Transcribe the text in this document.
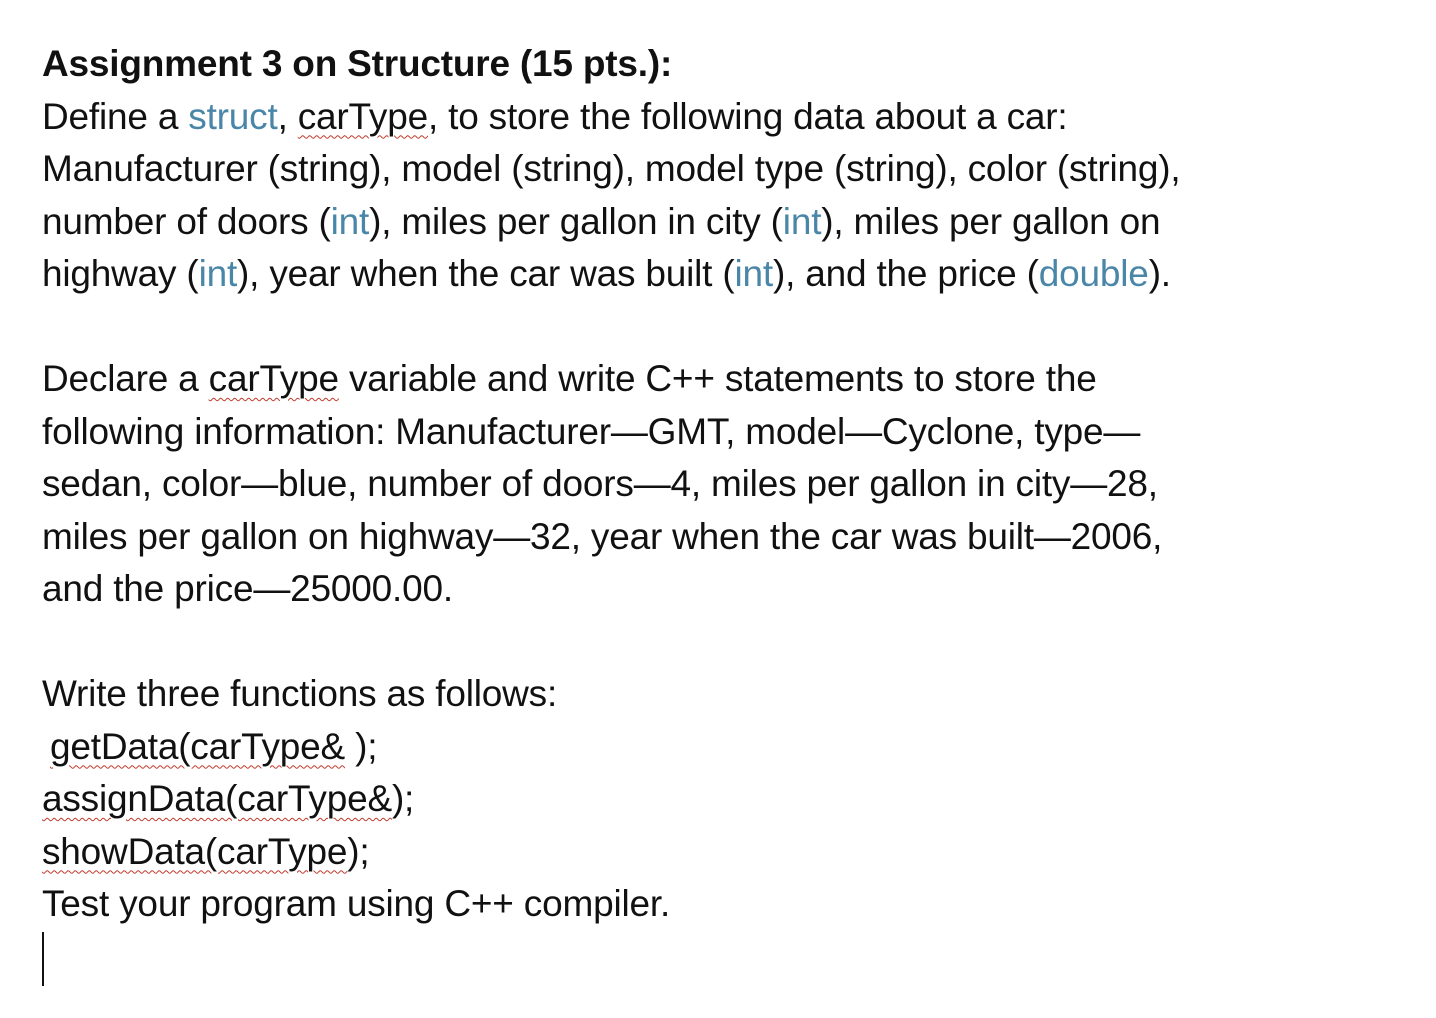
Assignment 3 on Structure (15 pts.):
Define a struct, carType, to store the following data about a car:
Manufacturer (string), model (string), model type (string), color (string),
number of doors (int), miles per gallon in city (int), miles per gallon on
highway (int), year when the car was built (int), and the price (double).
Declare a carType variable and write C++ statements to store the
following information: Manufacturer—GMT, model—Cyclone, type—
sedan, color—blue, number of doors—4, miles per gallon in city—28,
miles per gallon on highway—32, year when the car was built—2006,
and the price—25000.00.
Write three functions as follows:
getData(carType& );
assignData(carType&);
showData(carType);
Test your program using C++ compiler.
